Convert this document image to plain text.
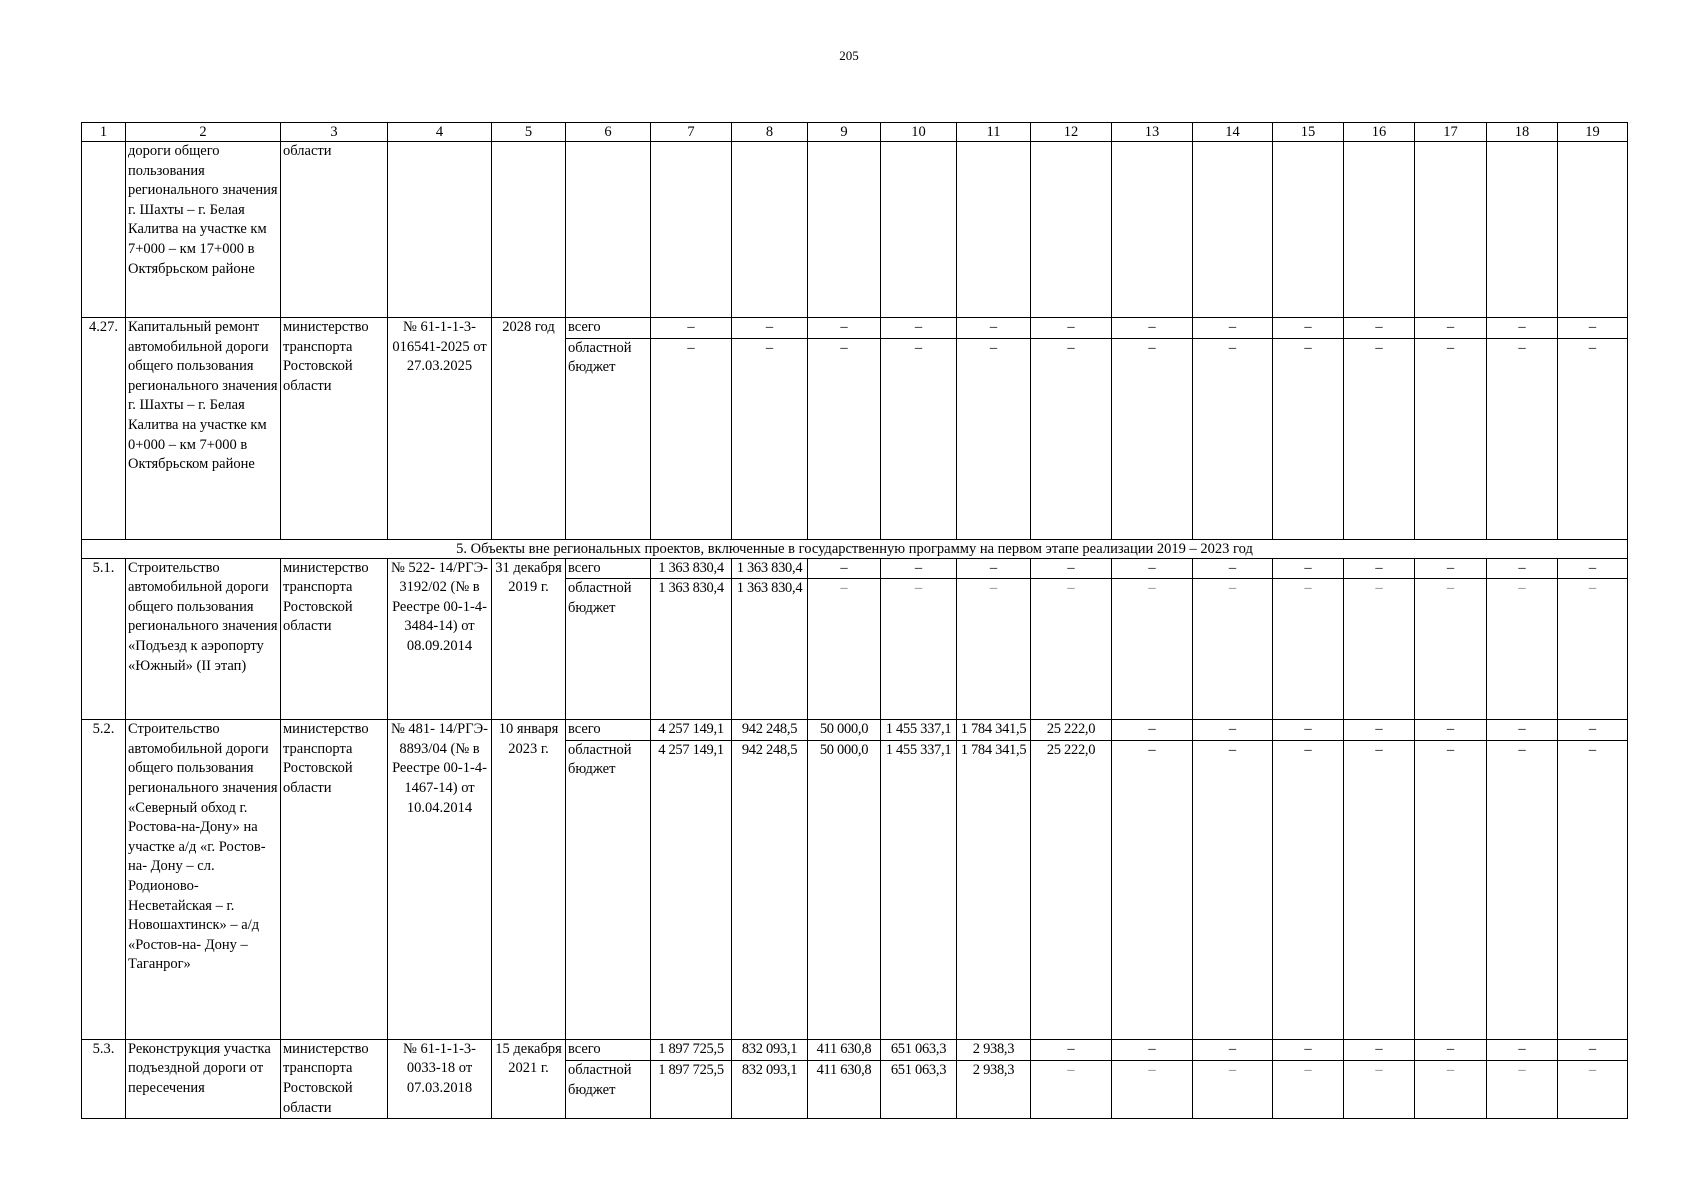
205
1	2	3	4	5	6	7	8	9	10	11	12	13	14	15	16	17	18	19
	дороги общего пользования регионального значения г. Шахты – г. Белая Калитва на участке км 7+000 – км 17+000 в Октябрьском районе	области																
4.27.	Капитальный ремонт автомобильной дороги общего пользования регионального значения г. Шахты – г. Белая Калитва на участке км 0+000 – км 7+000 в Октябрьском районе	министерство транспорта Ростовской области	№ 61-1-1-3- 016541-2025 от 27.03.2025	2028 год	всего	–	–	–	–	–	–	–	–	–	–	–	–	–
					областной бюджет	–	–	–	–	–	–	–	–	–	–	–	–	–
5. Объекты вне региональных проектов, включенные в государственную программу на первом этапе реализации 2019 – 2023 год																		
5.1.	Строительство автомобильной дороги общего пользования регионального значения «Подъезд к аэропорту «Южный» (II этап)	министерство транспорта Ростовской области	№ 522- 14/РГЭ- 3192/02 (№ в Реестре 00-1-4- 3484-14) от 08.09.2014	31 декабря 2019 г.	всего	1 363 830,4	1 363 830,4	–	–	–	–	–	–	–	–	–	–	–
					областной бюджет	1 363 830,4	1 363 830,4	–	–	–	–	–	–	–	–	–	–	–
5.2.	Строительство автомобильной дороги общего пользования регионального значения «Северный обход г. Ростова-на-Дону» на участке а/д «г. Ростов-на- Дону – сл. Родионово- Несветайская – г. Новошахтинск» – а/д «Ростов-на- Дону – Таганрог»	министерство транспорта Ростовской области	№ 481- 14/РГЭ- 8893/04 (№ в Реестре 00-1-4- 1467-14) от 10.04.2014	10 января 2023 г.	всего	4 257 149,1	942 248,5	50 000,0	1 455 337,1	1 784 341,5	25 222,0	–	–	–	–	–	–	–
					областной бюджет	4 257 149,1	942 248,5	50 000,0	1 455 337,1	1 784 341,5	25 222,0	–	–	–	–	–	–	–
5.3.	Реконструкция участка подъездной дороги от пересечения	министерство транспорта Ростовской области	№ 61-1-1-3- 0033-18 от 07.03.2018	15 декабря 2021 г.	всего	1 897 725,5	832 093,1	411 630,8	651 063,3	2 938,3	–	–	–	–	–	–	–	–
					областной бюджет	1 897 725,5	832 093,1	411 630,8	651 063,3	2 938,3	–	–	–	–	–	–	–	–
